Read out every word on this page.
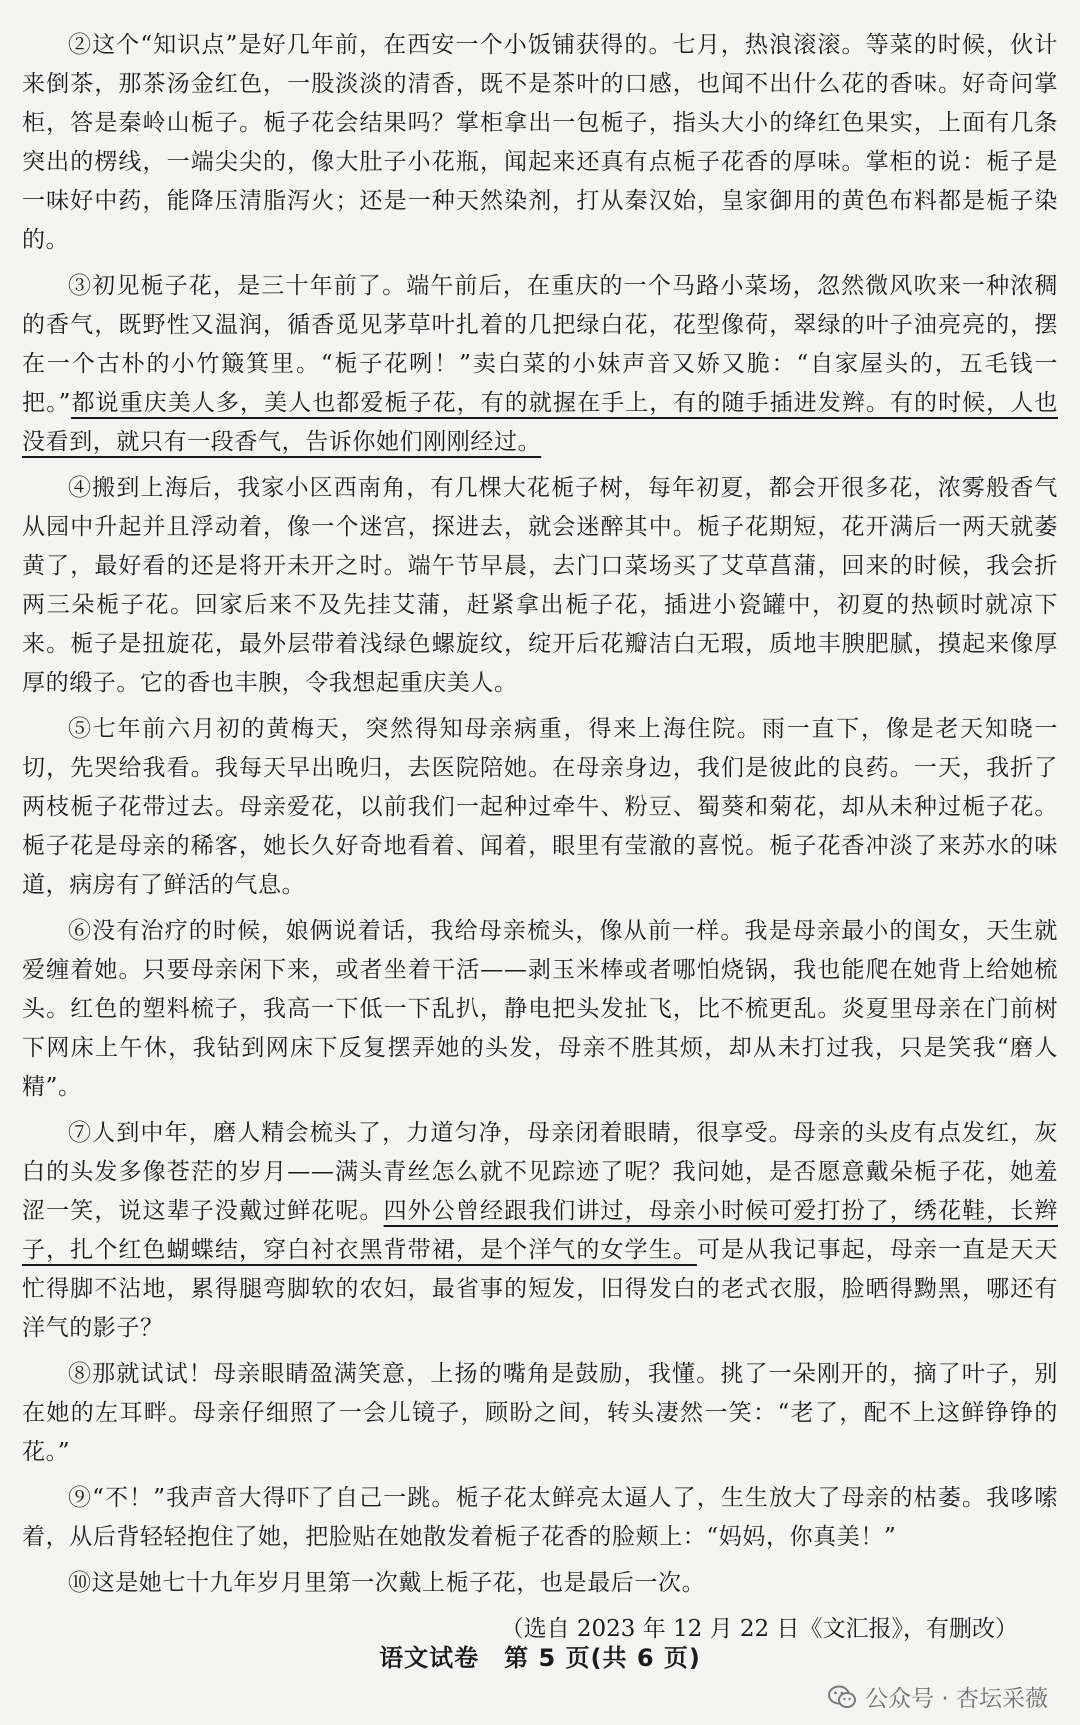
②这个“知识点”是好几年前，在西安一个小饭铺获得的。七月，热浪滚滚。等菜的时候，伙计来倒茶，那茶汤金红色，一股淡淡的清香，既不是茶叶的口感，也闻不出什么花的香味。好奇问掌柜，答是秦岭山栀子。栀子花会结果吗？掌柜拿出一包栀子，指头大小的绛红色果实，上面有几条突出的楞线，一端尖尖的，像大肚子小花瓶，闻起来还真有点栀子花香的厚味。掌柜的说：栀子是一味好中药，能降压清脂泻火；还是一种天然染剂，打从秦汉始，皇家御用的黄色布料都是栀子染的。

③初见栀子花，是三十年前了。端午前后，在重庆的一个马路小菜场，忽然微风吹来一种浓稠的香气，既野性又温润，循香觅见茅草叶扎着的几把绿白花，花型像荷，翠绿的叶子油亮亮的，摆在一个古朴的小竹簸箕里。“栀子花咧！”卖白菜的小妹声音又娇又脆：“自家屋头的，五毛钱一把。”都说重庆美人多，美人也都爱栀子花，有的就握在手上，有的随手插进发辫。有的时候，人也没看到，就只有一段香气，告诉你她们刚刚经过。

④搬到上海后，我家小区西南角，有几棵大花栀子树，每年初夏，都会开很多花，浓雾般香气从园中升起并且浮动着，像一个迷宫，探进去，就会迷醉其中。栀子花期短，花开满后一两天就萎黄了，最好看的还是将开未开之时。端午节早晨，去门口菜场买了艾草菖蒲，回来的时候，我会折两三朵栀子花。回家后来不及先挂艾蒲，赶紧拿出栀子花，插进小瓷罐中，初夏的热顿时就凉下来。栀子是扭旋花，最外层带着浅绿色螺旋纹，绽开后花瓣洁白无瑕，质地丰腴肥腻，摸起来像厚厚的缎子。它的香也丰腴，令我想起重庆美人。

⑤七年前六月初的黄梅天，突然得知母亲病重，得来上海住院。雨一直下，像是老天知晓一切，先哭给我看。我每天早出晚归，去医院陪她。在母亲身边，我们是彼此的良药。一天，我折了两枝栀子花带过去。母亲爱花，以前我们一起种过牵牛、粉豆、蜀葵和菊花，却从未种过栀子花。栀子花是母亲的稀客，她长久好奇地看着、闻着，眼里有莹澈的喜悦。栀子花香冲淡了来苏水的味道，病房有了鲜活的气息。

⑥没有治疗的时候，娘俩说着话，我给母亲梳头，像从前一样。我是母亲最小的闺女，天生就爱缠着她。只要母亲闲下来，或者坐着干活——剥玉米棒或者哪怕烧锅，我也能爬在她背上给她梳头。红色的塑料梳子，我高一下低一下乱扒，静电把头发扯飞，比不梳更乱。炎夏里母亲在门前树下网床上午休，我钻到网床下反复摆弄她的头发，母亲不胜其烦，却从未打过我，只是笑我“磨人精”。

⑦人到中年，磨人精会梳头了，力道匀净，母亲闭着眼睛，很享受。母亲的头皮有点发红，灰白的头发多像苍茫的岁月——满头青丝怎么就不见踪迹了呢？我问她，是否愿意戴朵栀子花，她羞涩一笑，说这辈子没戴过鲜花呢。四外公曾经跟我们讲过，母亲小时候可爱打扮了，绣花鞋，长辫子，扎个红色蝴蝶结，穿白衬衣黑背带裙，是个洋气的女学生。可是从我记事起，母亲一直是天天忙得脚不沾地，累得腿弯脚软的农妇，最省事的短发，旧得发白的老式衣服，脸晒得黝黑，哪还有洋气的影子？

⑧那就试试！母亲眼睛盈满笑意，上扬的嘴角是鼓励，我懂。挑了一朵刚开的，摘了叶子，别在她的左耳畔。母亲仔细照了一会儿镜子，顾盼之间，转头凄然一笑：“老了，配不上这鲜铮铮的花。”

⑨“不！”我声音大得吓了自己一跳。栀子花太鲜亮太逼人了，生生放大了母亲的枯萎。我哆嗦着，从后背轻轻抱住了她，把脸贴在她散发着栀子花香的脸颊上：“妈妈，你真美！”

⑩这是她七十九年岁月里第一次戴上栀子花，也是最后一次。

（选自 2023 年 12 月 22 日《文汇报》，有删改）

语文试卷　第 5 页(共 6 页)
公众号 · 杏坛采薇
